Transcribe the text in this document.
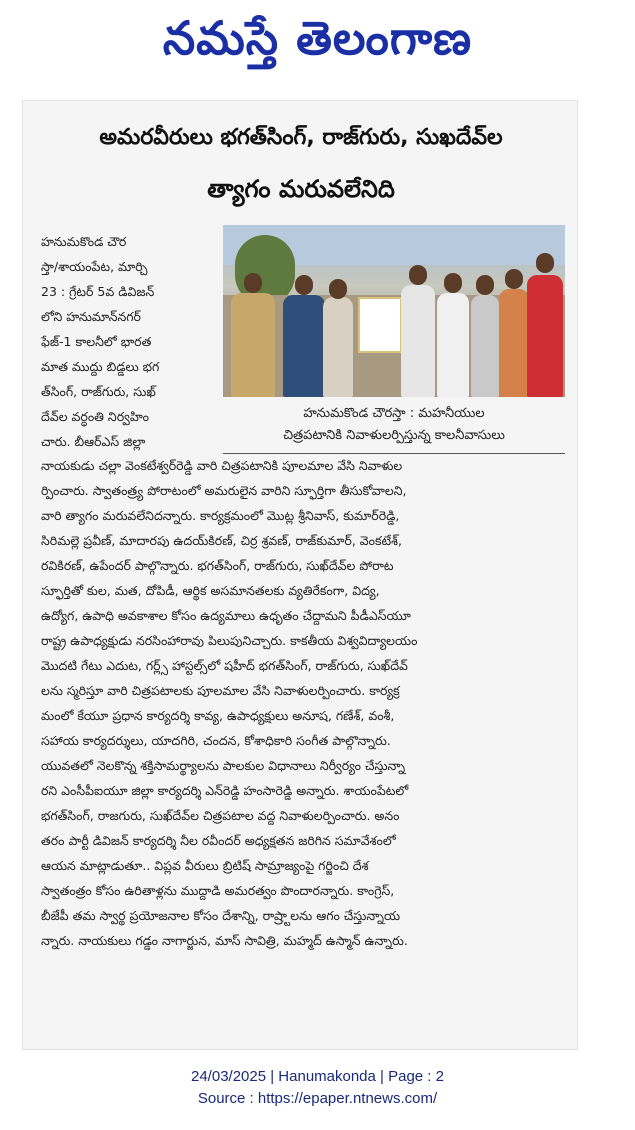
నమస్తే తెలంగాణ
అమరవీరులు భగత్‌సింగ్, రాజ్‌గురు, సుఖదేవ్‌ల
త్యాగం మరువలేనిది
హనుమకొండ చౌర
స్తా/శాయంపేట, మార్చి
23 : గ్రేటర్ 5వ డివిజన్
లోని హనుమాన్‌నగర్
ఫేజ్-1 కాలనీలో భారత
మాత ముద్దు బిడ్డలు భగ
త్‌సింగ్, రాజ్‌గురు, సుఖ్
దేవ్‌ల వర్ధంతి నిర్వహిం
చారు. బీఆర్‌ఎస్ జిల్లా
హనుమకొండ చౌరస్తా : మహనీయుల
చిత్రపటానికి నివాళులర్పిస్తున్న కాలనీవాసులు
నాయకుడు చల్లా వెంకటేశ్వర్‌రెడ్డి వారి చిత్రపటానికి పూలమాల వేసి నివాళుల
ర్పించారు. స్వాతంత్ర్య పోరాటంలో అమరులైన వారిని స్ఫూర్తిగా తీసుకోవాలని,
వారి త్యాగం మరువలేనిదన్నారు. కార్యక్రమంలో మొట్ల శ్రీనివాస్, కుమార్‌రెడ్డి,
సిరిమల్లె ప్రవీణ్, మాదారపు ఉదయ్‌కిరణ్, చిర్ర శ్రవణ్, రాజ్‌కుమార్, వెంకటేశ్,
రవికిరణ్, ఉపేందర్ పాల్గొన్నారు. భగత్‌సింగ్, రాజ్‌గురు, సుఖ్‌దేవ్‌ల పోరాట
స్ఫూర్తితో కుల, మత, దోపిడీ, ఆర్థిక అసమానతలకు వ్యతిరేకంగా, విద్య,
ఉద్యోగ, ఉపాధి అవకాశాల కోసం ఉద్యమాలు ఉధృతం చేద్దామని పీడీఎస్‌యూ
రాష్ట్ర ఉపాధ్యక్షుడు నరసింహారావు పిలుపునిచ్చారు. కాకతీయ విశ్వవిద్యాలయం
మొదటి గేటు ఎదుట, గర్ల్స్ హాస్టల్స్‌లో షహీద్ భగత్‌సింగ్, రాజ్‌గురు, సుఖ్‌దేవ్
లను స్మరిస్తూ వారి చిత్రపటాలకు పూలమాల వేసి నివాళులర్పించారు. కార్యక్ర
మంలో కేయూ ప్రధాన కార్యదర్శి కావ్య, ఉపాధ్యక్షులు అనూష, గణేశ్, వంశీ,
సహాయ కార్యదర్శులు, యాదగిరి, చందన, కోశాధికారి సంగీత పాల్గొన్నారు.
యువతలో నెలకొన్న శక్తిసామర్థ్యాలను పాలకుల విధానాలు నిర్వీర్యం చేస్తున్నా
రని ఎంసీపీఐయూ జిల్లా కార్యదర్శి ఎన్‌రెడ్డి హంసారెడ్డి అన్నారు. శాయంపేటలో
భగత్‌సింగ్, రాజగురు, సుఖ్‌దేవ్‌ల చిత్రపటాల వద్ద నివాళులర్పించారు. అనం
తరం పార్టీ డివిజన్ కార్యదర్శి నీల రవీందర్ అధ్యక్షతన జరిగిన సమావేశంలో
ఆయన మాట్లాడుతూ.. విప్లవ వీరులు బ్రిటిష్ సామ్రాజ్యంపై గర్జించి దేశ
స్వాతంత్రం కోసం ఉరితాళ్లను ముద్దాడి అమరత్వం పొందారన్నారు. కాంగ్రెస్,
బీజేపీ తమ స్వార్థ ప్రయోజనాల కోసం దేశాన్ని, రాష్ర్టాలను ఆగం చేస్తున్నాయ
న్నారు. నాయకులు గడ్డం నాగార్జున, మాస్ సావిత్రి, మహ్మద్ ఉస్మాన్ ఉన్నారు.
24/03/2025 | Hanumakonda | Page : 2
Source : https://epaper.ntnews.com/
